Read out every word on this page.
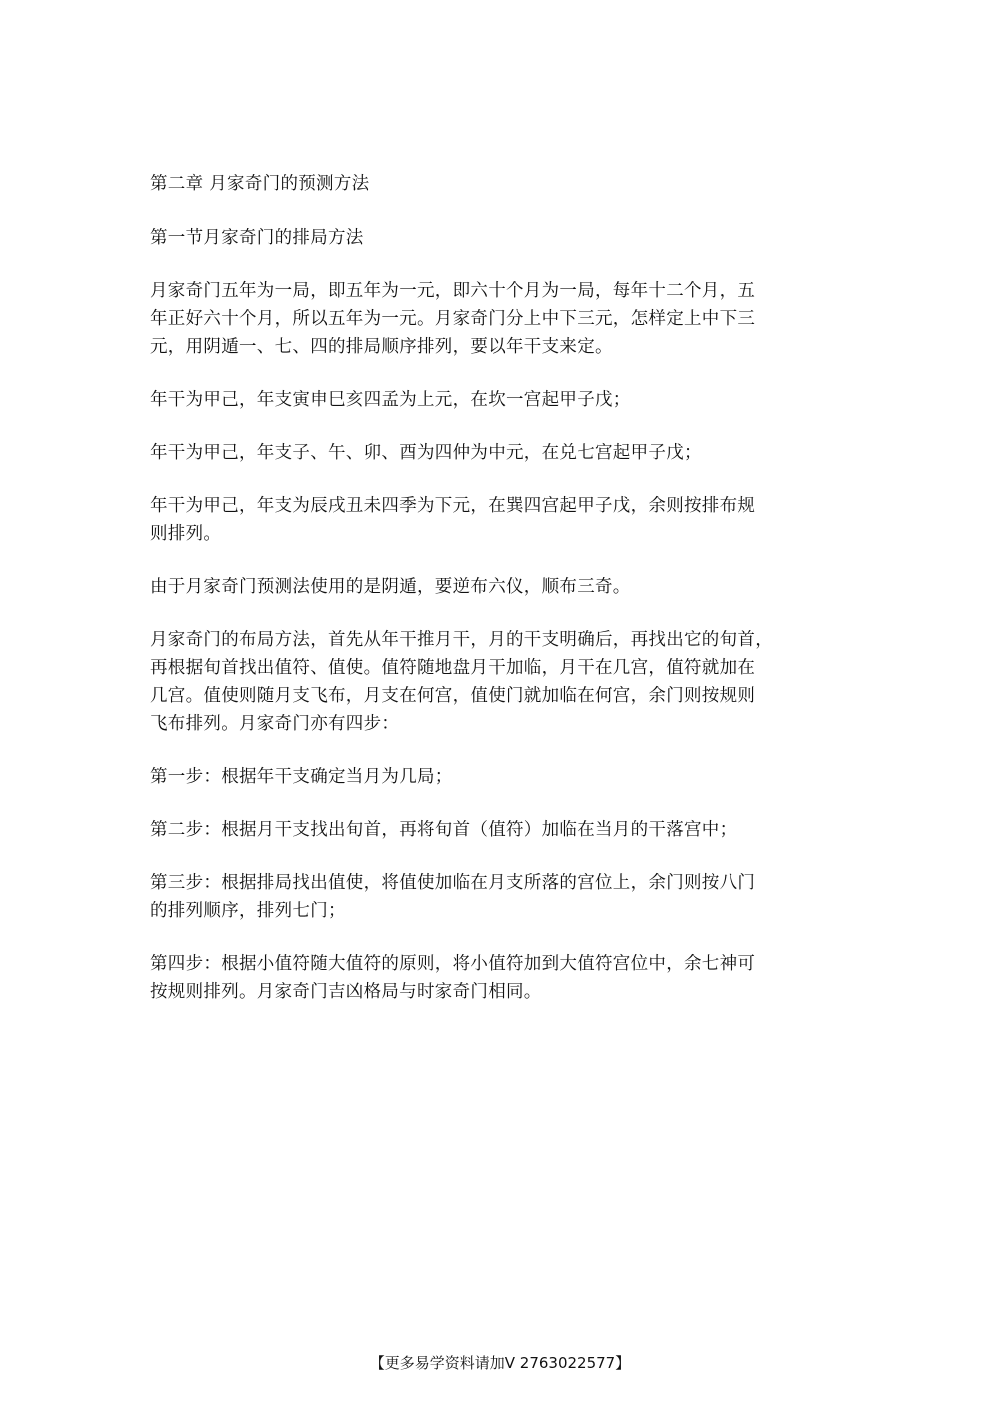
第二章 月家奇门的预测方法
第一节月家奇门的排局方法
月家奇门五年为一局，即五年为一元，即六十个月为一局，每年十二个月，五
年正好六十个月，所以五年为一元。月家奇门分上中下三元，怎样定上中下三
元，用阴遁一、七、四的排局顺序排列，要以年干支来定。
年干为甲己，年支寅申巳亥四孟为上元，在坎一宫起甲子戊；
年干为甲己，年支子、午、卯、酉为四仲为中元，在兑七宫起甲子戊；
年干为甲己，年支为辰戌丑未四季为下元，在巽四宫起甲子戊，余则按排布规
则排列。
由于月家奇门预测法使用的是阴遁，要逆布六仪，顺布三奇。
月家奇门的布局方法，首先从年干推月干，月的干支明确后，再找出它的旬首，
再根据旬首找出值符、值使。值符随地盘月干加临，月干在几宫，值符就加在
几宫。值使则随月支飞布，月支在何宫，值使门就加临在何宫，余门则按规则
飞布排列。月家奇门亦有四步：
第一步：根据年干支确定当月为几局；
第二步：根据月干支找出旬首，再将旬首（值符）加临在当月的干落宫中；
第三步：根据排局找出值使，将值使加临在月支所落的宫位上，余门则按八门
的排列顺序，排列七门；
第四步：根据小值符随大值符的原则，将小值符加到大值符宫位中，余七神可
按规则排列。月家奇门吉凶格局与时家奇门相同。
【更多易学资料请加V 2763022577】
